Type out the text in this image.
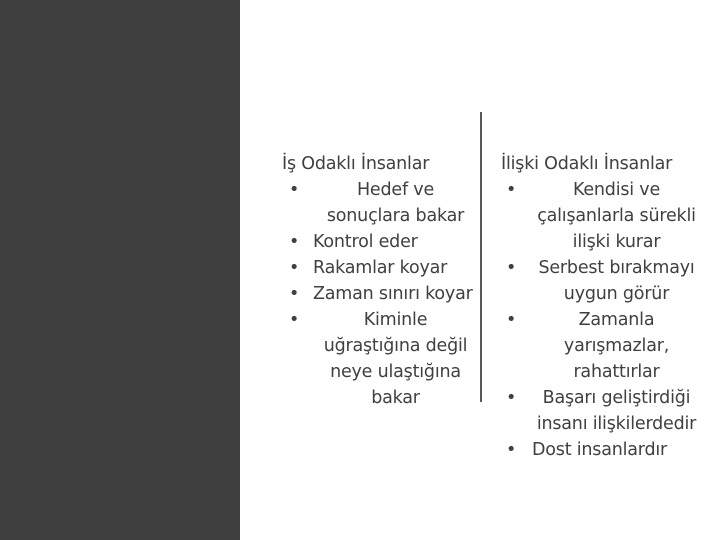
İş Odaklı İnsanlar
Hedef ve sonuçlara bakar
Kontrol eder
Rakamlar koyar
Zaman sınırı koyar
Kiminle uğraştığına değil neye ulaştığına bakar
İlişki Odaklı İnsanlar
Kendisi ve çalışanlarla sürekli ilişki kurar
Serbest bırakmayı uygun görür
Zamanla yarışmazlar, rahattırlar
Başarı geliştirdiği insanı ilişkilerdedir
Dost insanlardır
